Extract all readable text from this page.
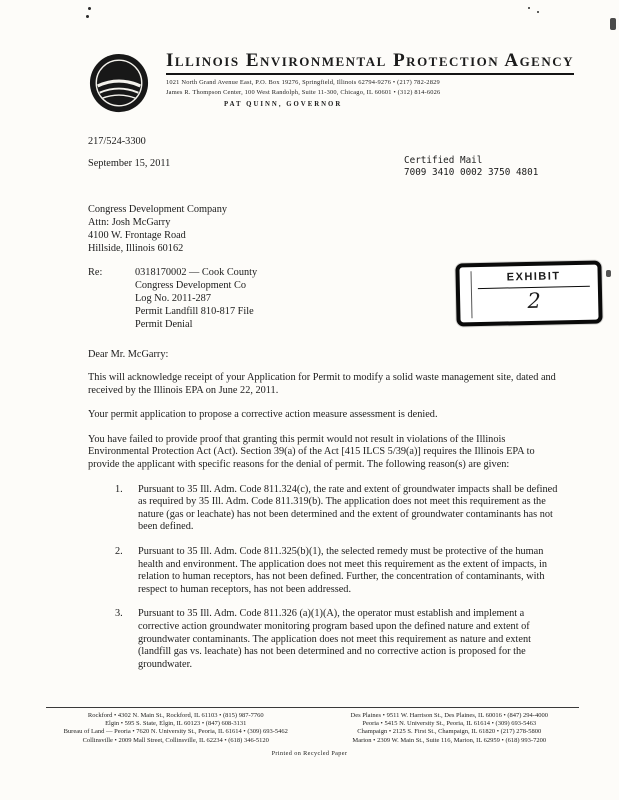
Illinois Environmental Protection Agency
1021 North Grand Avenue East, P.O. Box 19276, Springfield, Illinois 62794-9276 • (217) 782-2829
James R. Thompson Center, 100 West Randolph, Suite 11-300, Chicago, IL 60601 • (312) 814-6026
PAT QUINN, GOVERNOR
217/524-3300
September 15, 2011	Certified Mail
7009 3410 0002 3750 4801
Congress Development Company
Attn: Josh McGarry
4100 W. Frontage Road
Hillside, Illinois 60162
Re:	0318170002 — Cook County
Congress Development Co
Log No. 2011-287
Permit Landfill 810-817 File
Permit Denial
EXHIBIT
2
Dear Mr. McGarry:

This will acknowledge receipt of your Application for Permit to modify a solid waste management site, dated and received by the Illinois EPA on June 22, 2011.

Your permit application to propose a corrective action measure assessment is denied.

You have failed to provide proof that granting this permit would not result in violations of the Illinois Environmental Protection Act (Act). Section 39(a) of the Act [415 ILCS 5/39(a)] requires the Illinois EPA to provide the applicant with specific reasons for the denial of permit. The following reason(s) are given:

1.	Pursuant to 35 Ill. Adm. Code 811.324(c), the rate and extent of groundwater impacts shall be defined as required by 35 Ill. Adm. Code 811.319(b). The application does not meet this requirement as the nature (gas or leachate) has not been determined and the extent of groundwater contaminants has not been defined.
2.	Pursuant to 35 Ill. Adm. Code 811.325(b)(1), the selected remedy must be protective of the human health and environment. The application does not meet this requirement as the extent of impacts, in relation to human receptors, has not been defined. Further, the concentration of contaminants, with respect to human receptors, has not been addressed.
3.	Pursuant to 35 Ill. Adm. Code 811.326 (a)(1)(A), the operator must establish and implement a corrective action groundwater monitoring program based upon the defined nature and extent of groundwater contaminants. The application does not meet this requirement as nature and extent (landfill gas vs. leachate) has not been determined and no corrective action is proposed for the groundwater.
Rockford • 4302 N. Main St., Rockford, IL 61103 • (815) 987-7760	Des Plaines • 9511 W. Harrison St., Des Plaines, IL 60016 • (847) 294-4000
Elgin • 595 S. State, Elgin, IL 60123 • (847) 608-3131	Peoria • 5415 N. University St., Peoria, IL 61614 • (309) 693-5463
Bureau of Land — Peoria • 7620 N. University St., Peoria, IL 61614 • (309) 693-5462	Champaign • 2125 S. First St., Champaign, IL 61820 • (217) 278-5800
Collinsville • 2009 Mall Street, Collinsville, IL 62234 • (618) 346-5120	Marion • 2309 W. Main St., Suite 116, Marion, IL 62959 • (618) 993-7200
Printed on Recycled Paper
